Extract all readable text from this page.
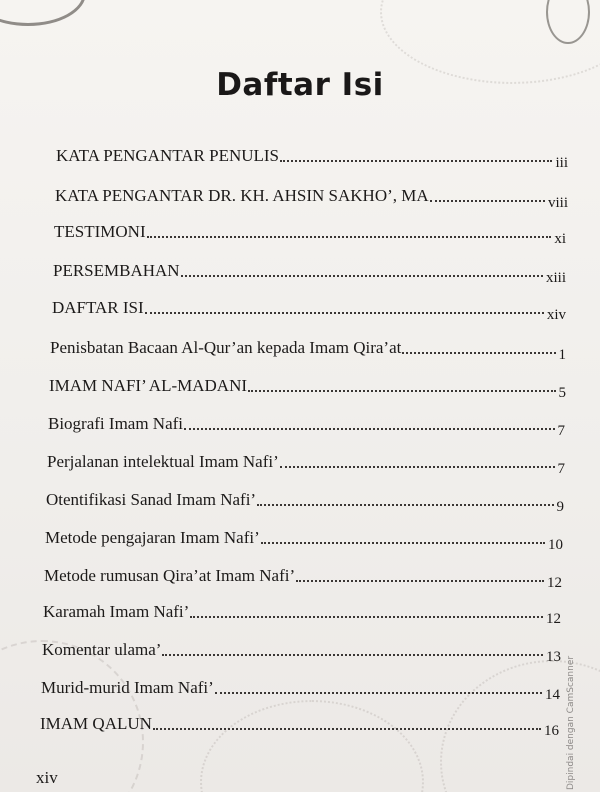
Daftar Isi
KATA PENGANTAR PENULIS	iii
KATA PENGANTAR DR. KH. AHSIN SAKHO’, MA	viii
TESTIMONI	xi
PERSEMBAHAN	xiii
DAFTAR ISI	xiv
Penisbatan Bacaan Al-Qur’an kepada Imam Qira’at	1
IMAM NAFI’ AL-MADANI	5
Biografi Imam Nafi	7
Perjalanan intelektual Imam Nafi’	7
Otentifikasi Sanad Imam Nafi’	9
Metode pengajaran Imam Nafi’	10
Metode rumusan Qira’at Imam Nafi’	12
Karamah Imam Nafi’	12
Komentar ulama’	13
Murid-murid Imam Nafi’	14
IMAM QALUN	16
xiv	Dipindai dengan CamScanner
